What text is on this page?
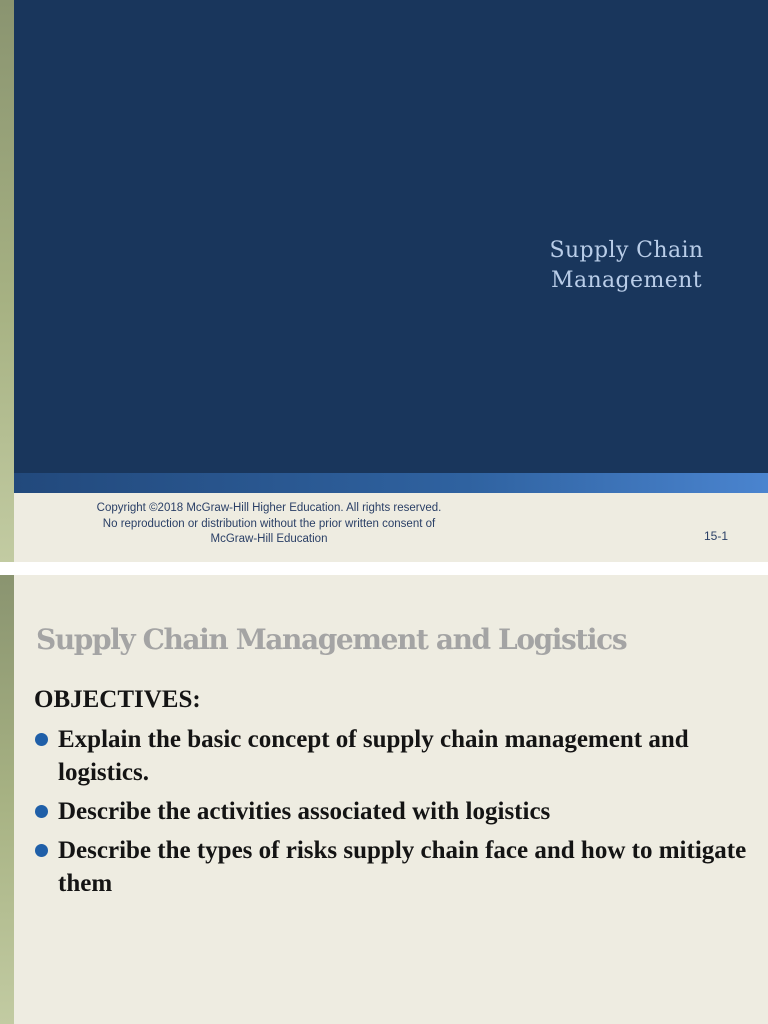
Supply Chain
Management
Copyright ©2018 McGraw-Hill Higher Education. All rights reserved.
No reproduction or distribution without the prior written consent of
McGraw-Hill Education	15-1
Supply Chain Management and Logistics
OBJECTIVES:
Explain the basic concept of supply chain management and logistics.
Describe the activities associated with logistics
Describe the types of risks supply chain face and how to mitigate them
